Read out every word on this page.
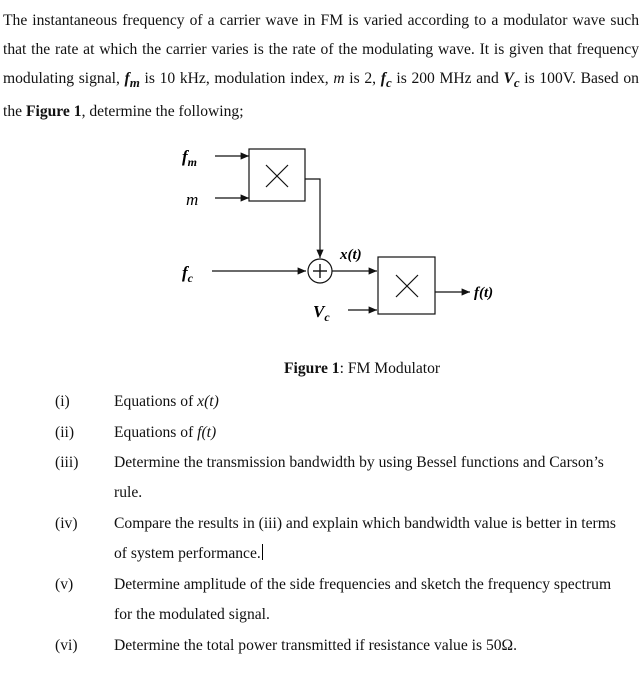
The instantaneous frequency of a carrier wave in FM is varied according to a modulator wave such that the rate at which the carrier varies is the rate of the modulating wave. It is given that frequency modulating signal, $f_m$ is 10 kHz, modulation index, m is 2, $f_c$ is 200 MHz and $V_c$ is 100V. Based on the Figure 1, determine the following;

$f_m$
m
$f_c$
x(t)
$V_c$
f(t)

Figure 1: FM Modulator

(i)	Equations of x(t)
(ii)	Equations of f(t)
(iii) Determine the transmission bandwidth by using Bessel functions and Carson’s rule.
(iv) Compare the results in (iii) and explain which bandwidth value is better in terms of system performance.
(v)	Determine amplitude of the side frequencies and sketch the frequency spectrum for the modulated signal.
(vi) Determine the total power transmitted if resistance value is 50Ω.
